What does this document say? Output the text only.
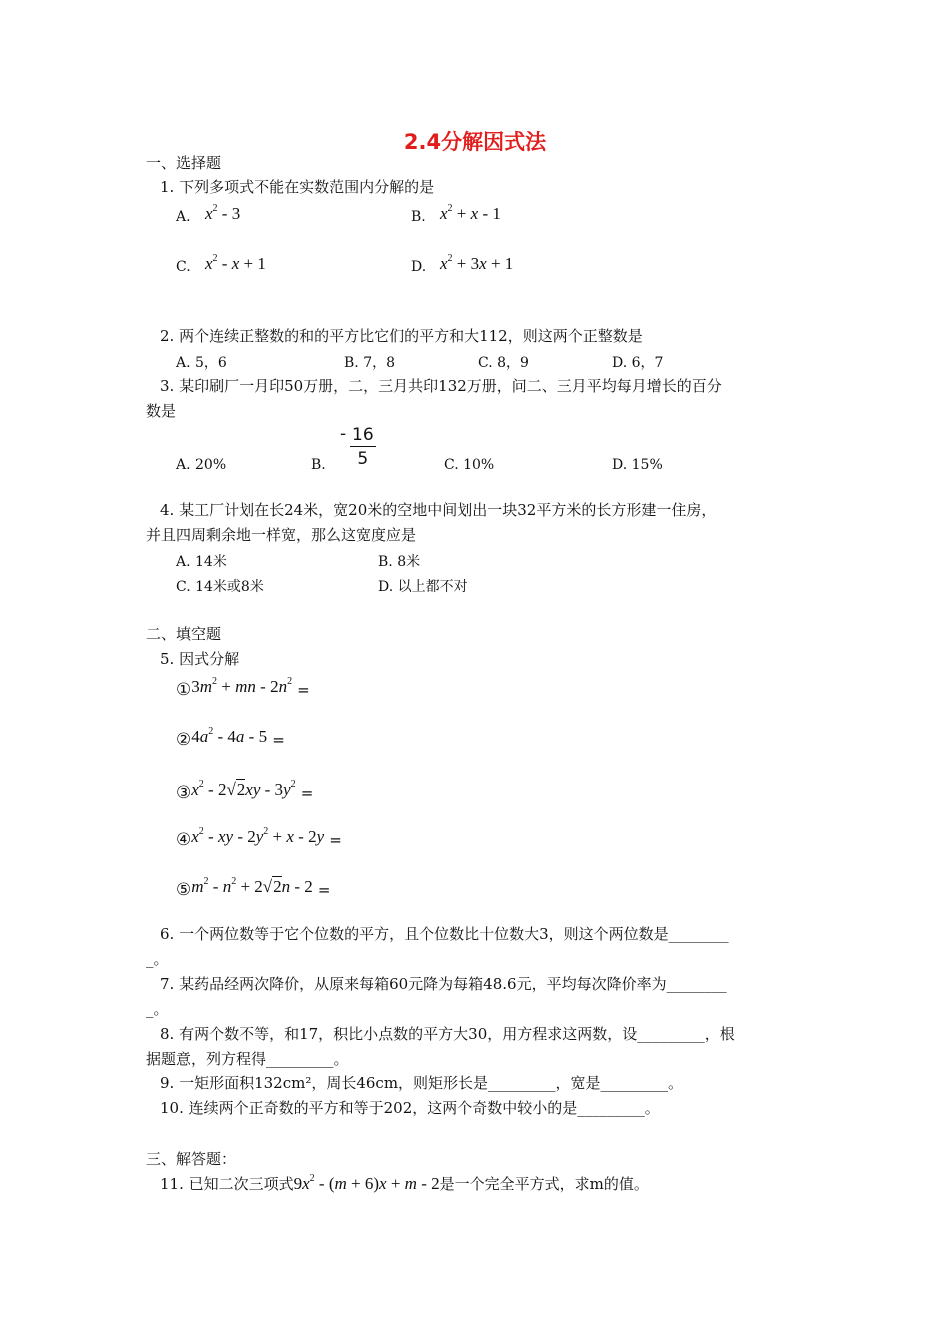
2.4分解因式法
一、选择题
1. 下列多项式不能在实数范围内分解的是
A. $x^2 - 3$	B. $x^2 + x - 1$
C. $x^2 - x + 1$	D. $x^2 + 3x + 1$
2. 两个连续正整数的和的平方比它们的平方和大112，则这两个正整数是
A. 5，6	B. 7，8	C. 8，9	D. 6，7
3. 某印刷厂一月印50万册，二，三月共印132万册，问二、三月平均每月增长的百分
数是
A. 20%	B.
- $\frac{16}{5}$	C. 10%	D. 15%
4. 某工厂计划在长24米，宽20米的空地中间划出一块32平方米的长方形建一住房，
并且四周剩余地一样宽，那么这宽度应是
A. 14米	B. 8米
C. 14米或8米	D. 以上都不对
二、填空题
5. 因式分解
$①3m^2$ + mn - $2n^2$ =
$②4a^2 - 4a - 5$ =
$③x^2 - 2√2xy - 3y^2$ =
$④x^2$ - xy - $2y^2 + x - 2y$ =
$⑤m^2 - n^2 + 2√2n - 2$ =
6. 一个两位数等于它个位数的平方，且个位数比十位数大3，则这个两位数是________
_。
7. 某药品经两次降价，从原来每箱60元降为每箱48.6元，平均每次降价率为________
_。
8. 有两个数不等，和17，积比小点数的平方大30，用方程求这两数，设_________，根
据题意，列方程得_________。
9. 一矩形面积132cm²，周长46cm，则矩形长是_________，宽是_________。
10. 连续两个正奇数的平方和等于202，这两个奇数中较小的是_________。
三、解答题：
11. 已知二次三项式$9x^2 - (m + 6)x + m - 2$是一个完全平方式，求m的值。
